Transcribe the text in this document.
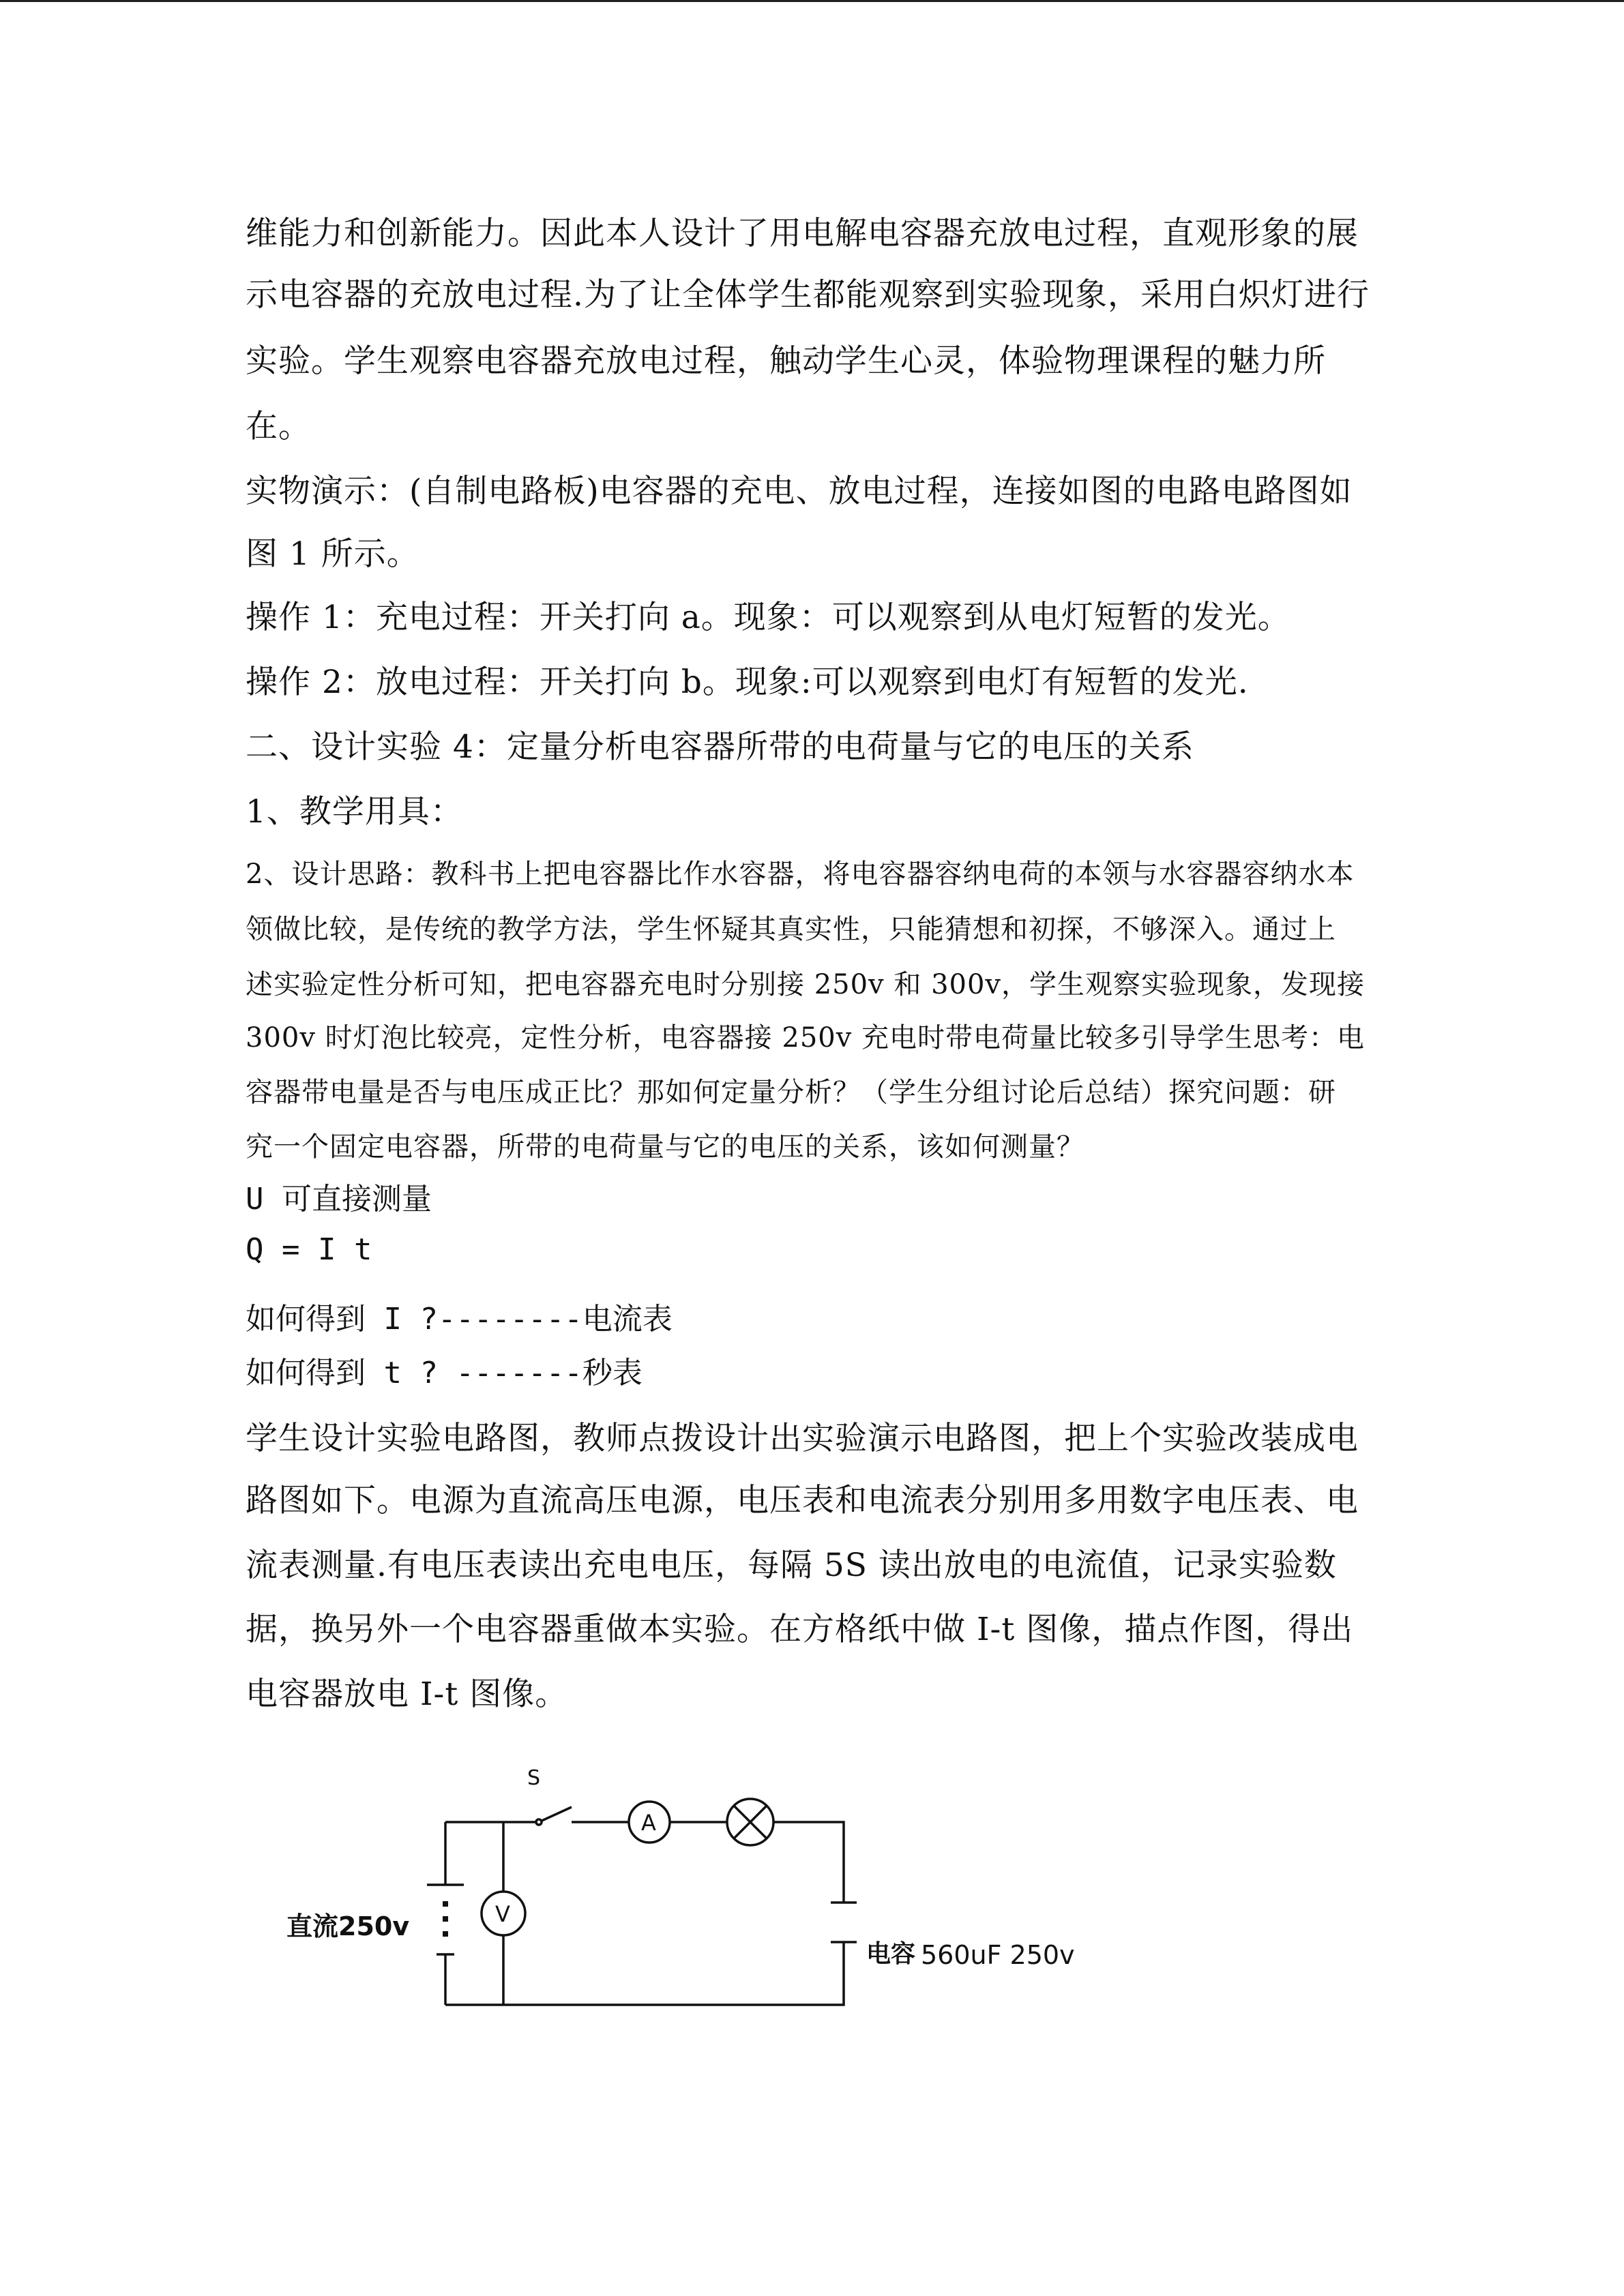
维能力和创新能力。因此本人设计了用电解电容器充放电过程，直观形象的展
示电容器的充放电过程.为了让全体学生都能观察到实验现象，采用白炽灯进行
实验。学生观察电容器充放电过程，触动学生心灵，体验物理课程的魅力所
在。
实物演示：(自制电路板)电容器的充电、放电过程，连接如图的电路电路图如
图 1 所示。
操作 1：充电过程：开关打向 a。现象：可以观察到从电灯短暂的发光。
操作 2：放电过程：开关打向 b。现象:可以观察到电灯有短暂的发光.
二、设计实验 4：定量分析电容器所带的电荷量与它的电压的关系
1、教学用具：
2、设计思路：教科书上把电容器比作水容器，将电容器容纳电荷的本领与水容器容纳水本
领做比较，是传统的教学方法，学生怀疑其真实性，只能猜想和初探，不够深入。通过上
述实验定性分析可知，把电容器充电时分别接 250v 和 300v，学生观察实验现象，发现接
300v 时灯泡比较亮，定性分析，电容器接 250v 充电时带电荷量比较多引导学生思考：电
容器带电量是否与电压成正比？那如何定量分析？（学生分组讨论后总结）探究问题：研
究一个固定电容器，所带的电荷量与它的电压的关系，该如何测量？
U 可直接测量
Q = I t
如何得到 I ?--------电流表
如何得到 t ? -------秒表
学生设计实验电路图，教师点拨设计出实验演示电路图，把上个实验改装成电
路图如下。电源为直流高压电源，电压表和电流表分别用多用数字电压表、电
流表测量.有电压表读出充电电压，每隔 5S 读出放电的电流值，记录实验数
据，换另外一个电容器重做本实验。在方格纸中做 I-t 图像，描点作图，得出
电容器放电 I-t 图像。
S
A
V
直流250v
电容 560uF 250v
